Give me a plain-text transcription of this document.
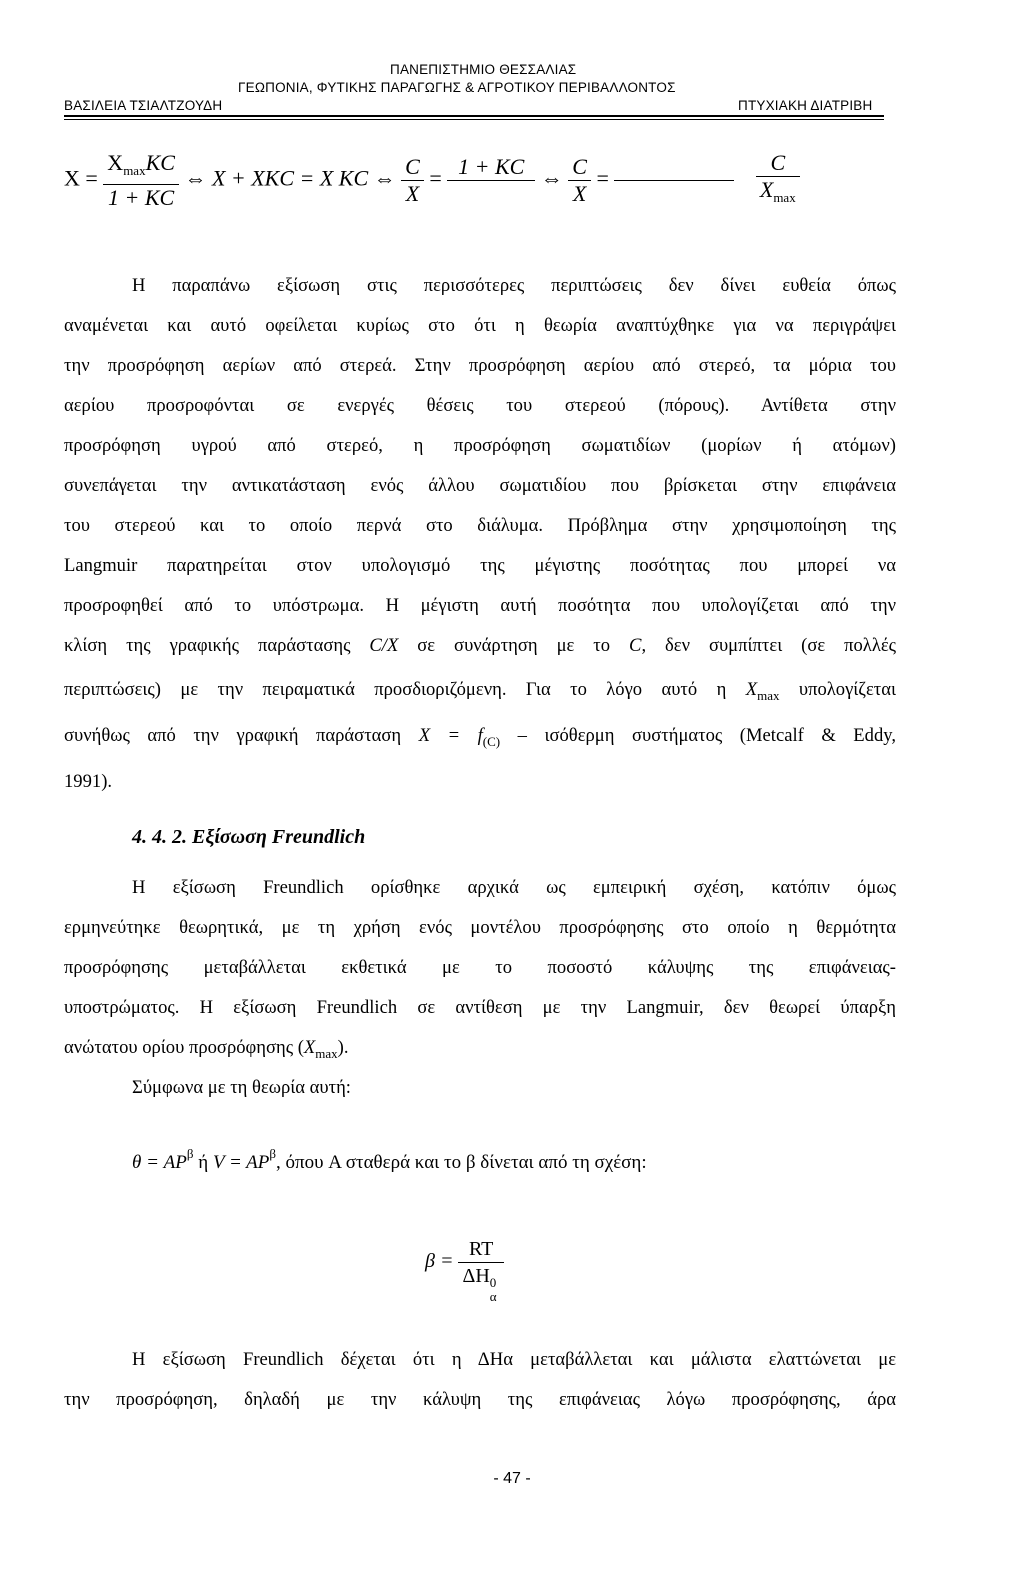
ΠΑΝΕΠΙΣΤΗΜΙΟ ΘΕΣΣΑΛΙΑΣ
ΓΕΩΠΟΝΙΑ, ΦΥΤΙΚΗΣ ΠΑΡΑΓΩΓΗΣ & ΑΓΡΟΤΙΚΟΥ ΠΕΡΙΒΑΛΛΟΝΤΟΣ
ΒΑΣΙΛΕΙΑ ΤΣΙΑΛΤΖΟΥΔΗ	ΠΤΥΧΙΑΚΗ ΔΙΑΤΡΙΒΗ
$X = \frac{X_{max}KC}{1 + KC}$ ⇔ X + XKC = X KC ⇔ $\frac{C}{X} = 1$ + KC
⇔ $\frac{C}{X}$ =

	$\frac{C}{X_{max}}$
Η παραπάνω εξίσωση στις περισσότερες περιπτώσεις δεν δίνει ευθεία όπως
αναμένεται και αυτό οφείλεται κυρίως στο ότι η θεωρία αναπτύχθηκε για να περιγράψει
την προσρόφηση αερίων από στερεά. Στην προσρόφηση αερίου από στερεό, τα μόρια του
αερίου προσροφόνται σε ενεργές θέσεις του στερεού (πόρους). Αντίθετα στην
προσρόφηση υγρού από στερεό, η προσρόφηση σωματιδίων (μορίων ή ατόμων)
συνεπάγεται την αντικατάσταση ενός άλλου σωματιδίου που βρίσκεται στην επιφάνεια
του στερεού και το οποίο περνά στο διάλυμα. Πρόβλημα στην χρησιμοποίηση της
Langmuir παρατηρείται στον υπολογισμό της μέγιστης ποσότητας που μπορεί να
προσροφηθεί από το υπόστρωμα. Η μέγιστη αυτή ποσότητα που υπολογίζεται από την
κλίση της γραφικής παράστασης C/X σε συνάρτηση με το C, δεν συμπίπτει (σε πολλές
περιπτώσεις) με την πειραματικά προσδιοριζόμενη. Για το λόγο αυτό η $X_{max}$ υπολογίζεται
συνήθως από την γραφική παράσταση $X = f_{(C)} - \iota\sigma ό\theta\varepsilon\rho\mu\eta$ συστήματος (Metcalf & Eddy,
1991).
4. 4. 2. Εξίσωση Freundlich
Η εξίσωση Freundlich ορίσθηκε αρχικά ως εμπειρική σχέση, κατόπιν όμως
ερμηνεύτηκε θεωρητικά, με τη χρήση ενός μοντέλου προσρόφησης στο οποίο η θερμότητα
προσρόφησης μεταβάλλεται εκθετικά με το ποσοστό κάλυψης της επιφάνειας-
υποστρώματος. Η εξίσωση Freundlich σε αντίθεση με την Langmuir, δεν θεωρεί ύπαρξη
ανώτατου ορίου προσρόφησης $(X_{max})$.
Σύμφωνα με τη θεωρία αυτή:
$\theta = AP^\beta$ ή $V = AP^\beta$, όπου A σταθερά και το β δίνεται από τη σχέση:
β = RT
ΔH 0
α
Η εξίσωση Freundlich δέχεται ότι η ΔHα μεταβάλλεται και μάλιστα ελαττώνεται με
την προσρόφηση, δηλαδή με την κάλυψη της επιφάνειας λόγω προσρόφησης, άρα
- 47 -
